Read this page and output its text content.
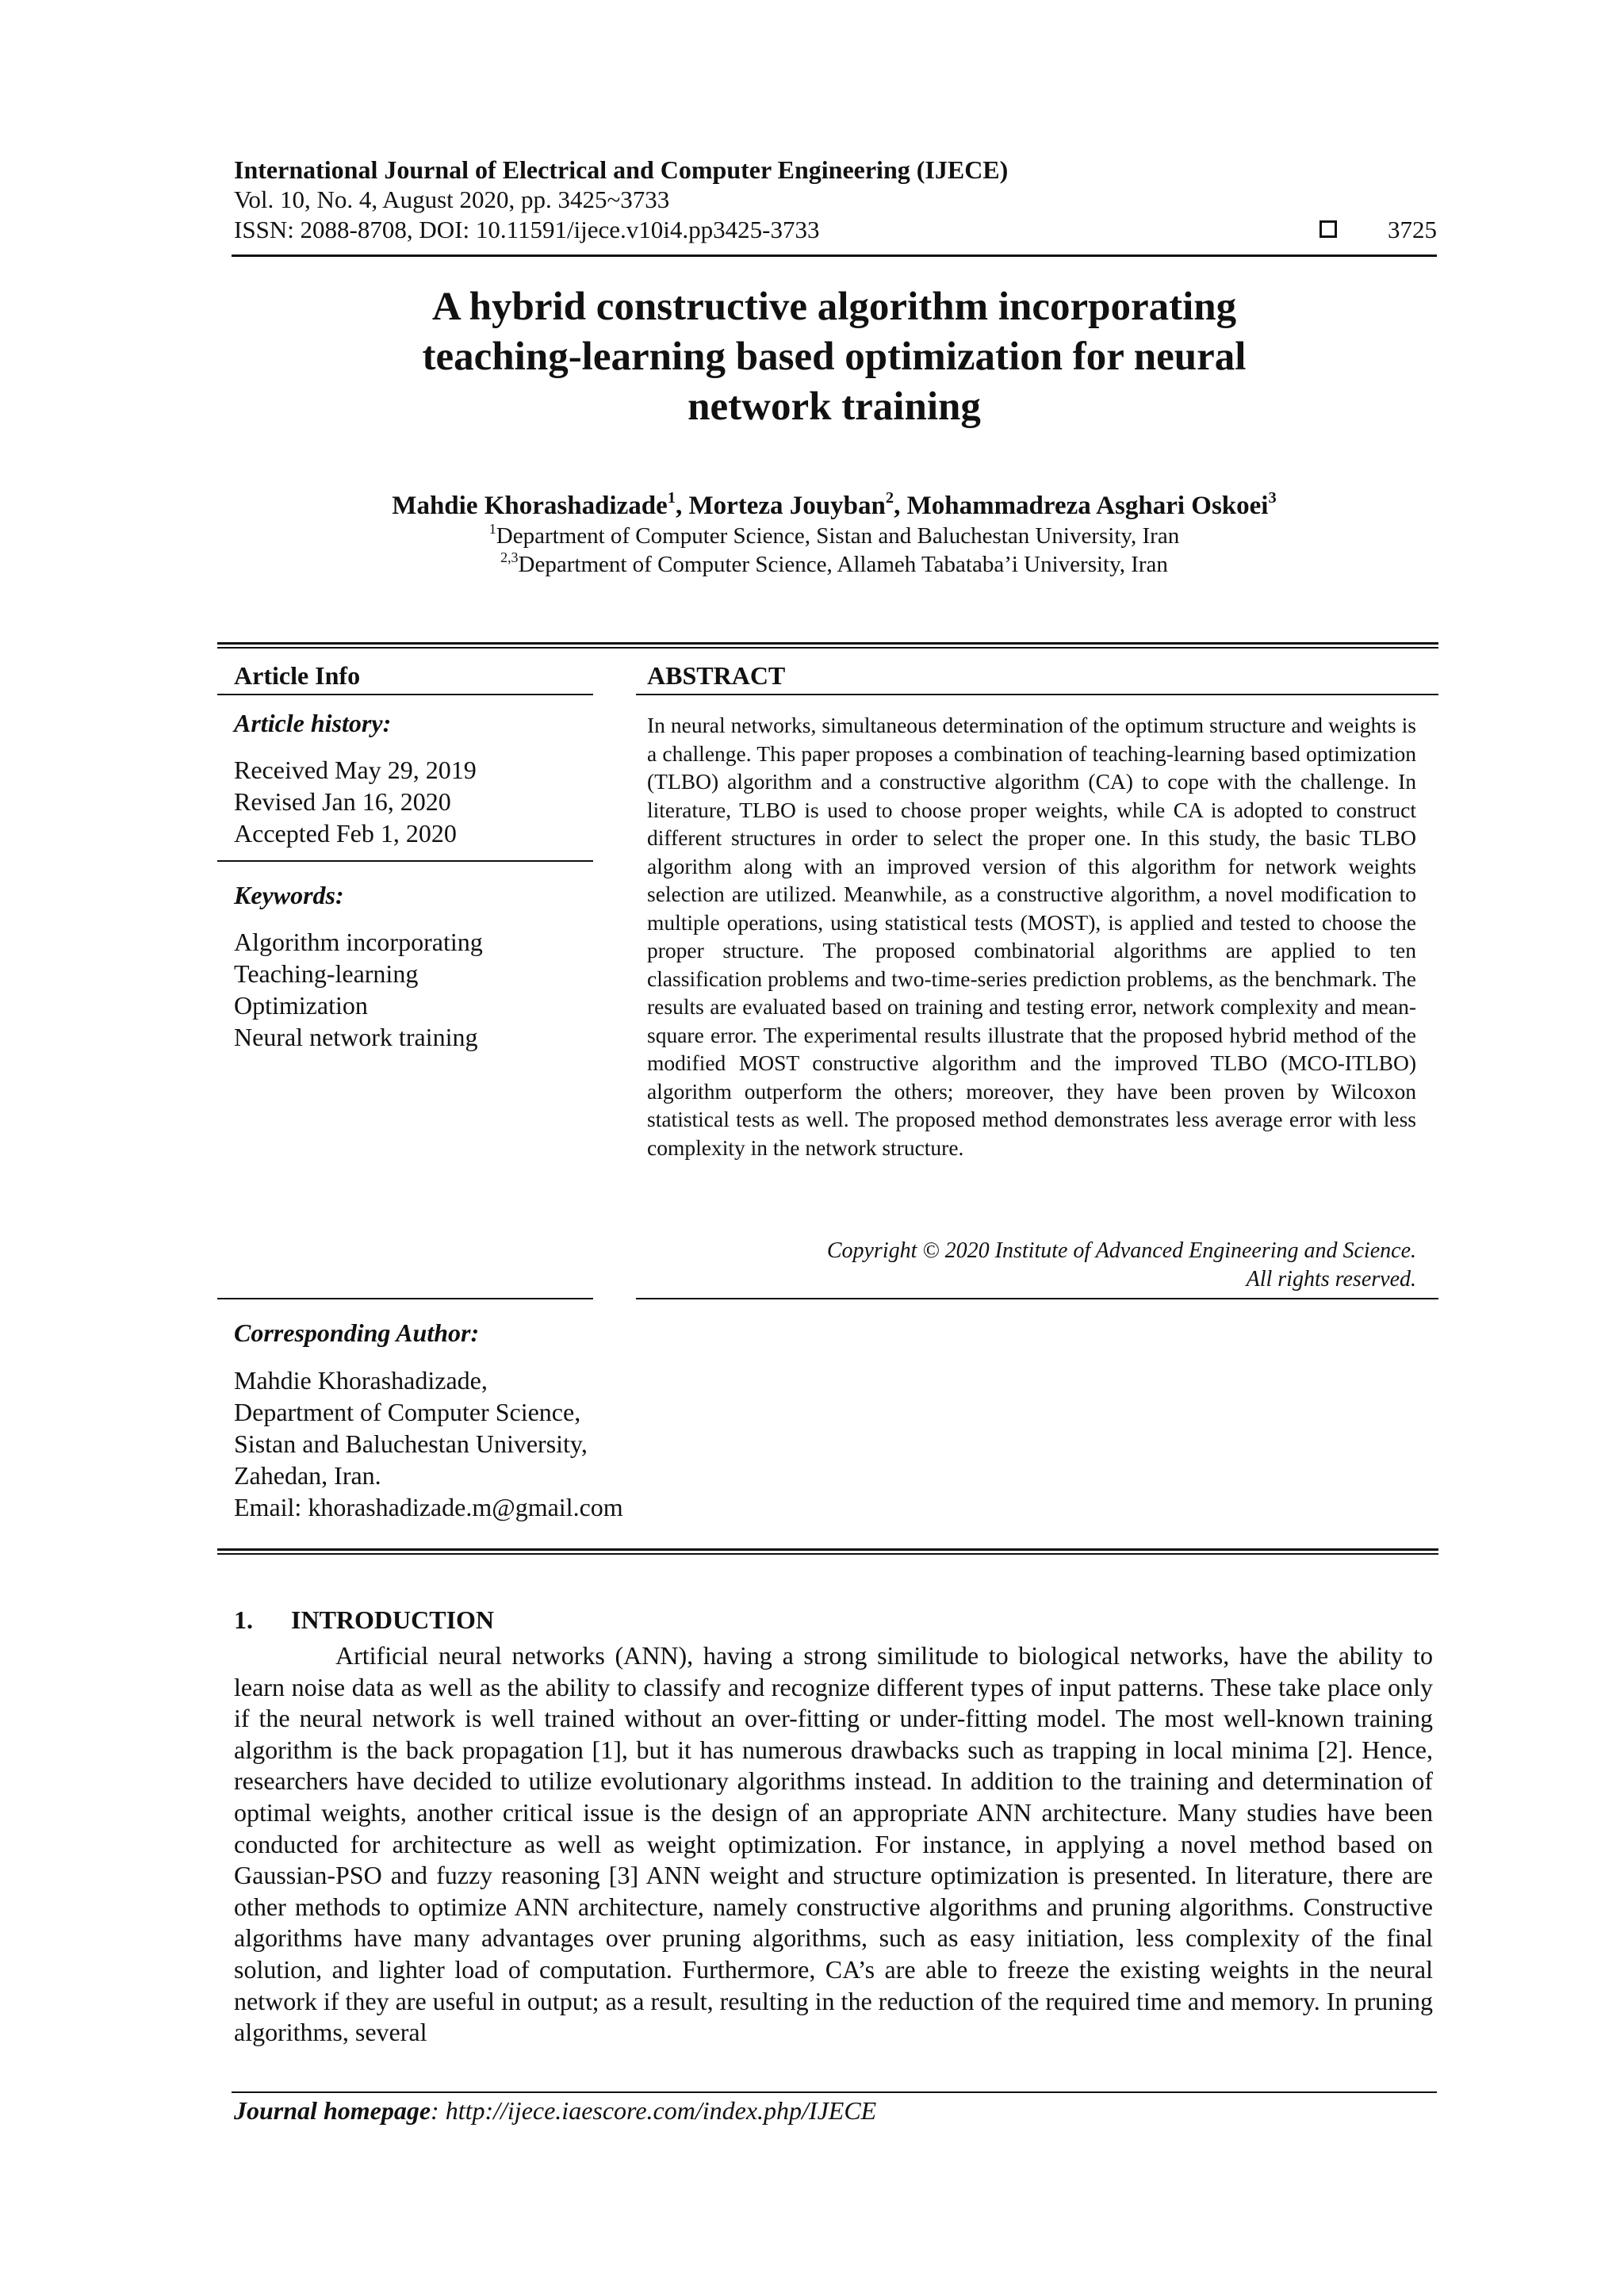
International Journal of Electrical and Computer Engineering (IJECE)
Vol. 10, No. 4, August 2020, pp. 3425~3733
ISSN: 2088-8708, DOI: 10.11591/ijece.v10i4.pp3425-3733	3725
A hybrid constructive algorithm incorporating
teaching-learning based optimization for neural
network training
Mahdie Khorashadizade$^1$, Morteza Jouyban$^2$, Mohammadreza Asghari Oskoei$^3$
$^1$Department of Computer Science, Sistan and Baluchestan University, Iran
$^{2,3}$Department of Computer Science, Allameh Tabataba’i University, Iran
Article Info
Article history:
Received May 29, 2019
Revised Jan 16, 2020
Accepted Feb 1, 2020
Keywords:
Algorithm incorporating
Teaching-learning
Optimization
Neural network training
ABSTRACT
In neural networks, simultaneous determination of the optimum structure and weights is a challenge. This paper proposes a combination of teaching-learning based optimization (TLBO) algorithm and a constructive algorithm (CA) to cope with the challenge. In literature, TLBO is used to choose proper weights, while CA is adopted to construct different structures in order to select the proper one. In this study, the basic TLBO algorithm along with an improved version of this algorithm for network weights selection are utilized. Meanwhile, as a constructive algorithm, a novel modification to multiple operations, using statistical tests (MOST), is applied and tested to choose the proper structure. The proposed combinatorial algorithms are applied to ten classification problems and two-time-series prediction problems, as the benchmark. The results are evaluated based on training and testing error, network complexity and mean-square error. The experimental results illustrate that the proposed hybrid method of the modified MOST constructive algorithm and the improved TLBO (MCO-ITLBO) algorithm outperform the others; moreover, they have been proven by Wilcoxon statistical tests as well. The proposed method demonstrates less average error with less complexity in the network structure.
Copyright © 2020 Institute of Advanced Engineering and Science.
All rights reserved.
Corresponding Author:
Mahdie Khorashadizade,
Department of Computer Science,
Sistan and Baluchestan University,
Zahedan, Iran.
Email: khorashadizade.m@gmail.com
1. INTRODUCTION

Artificial neural networks (ANN), having a strong similitude to biological networks, have the ability to learn noise data as well as the ability to classify and recognize different types of input patterns. These take place only if the neural network is well trained without an over-fitting or under-fitting model. The most well-known training algorithm is the back propagation [1], but it has numerous drawbacks such as trapping in local minima [2]. Hence, researchers have decided to utilize evolutionary algorithms instead. In addition to the training and determination of optimal weights, another critical issue is the design of an appropriate ANN architecture. Many studies have been conducted for architecture as well as weight optimization. For instance, in applying a novel method based on Gaussian-PSO and fuzzy reasoning [3] ANN weight and structure optimization is presented. In literature, there are other methods to optimize ANN architecture, namely constructive algorithms and pruning algorithms. Constructive algorithms have many advantages over pruning algorithms, such as easy initiation, less complexity of the final solution, and lighter load of computation. Furthermore, CA’s are able to freeze the existing weights in the neural network if they are useful in output; as a result, resulting in the reduction of the required time and memory. In pruning algorithms, several

Journal homepage: http://ijece.iaescore.com/index.php/IJECE
